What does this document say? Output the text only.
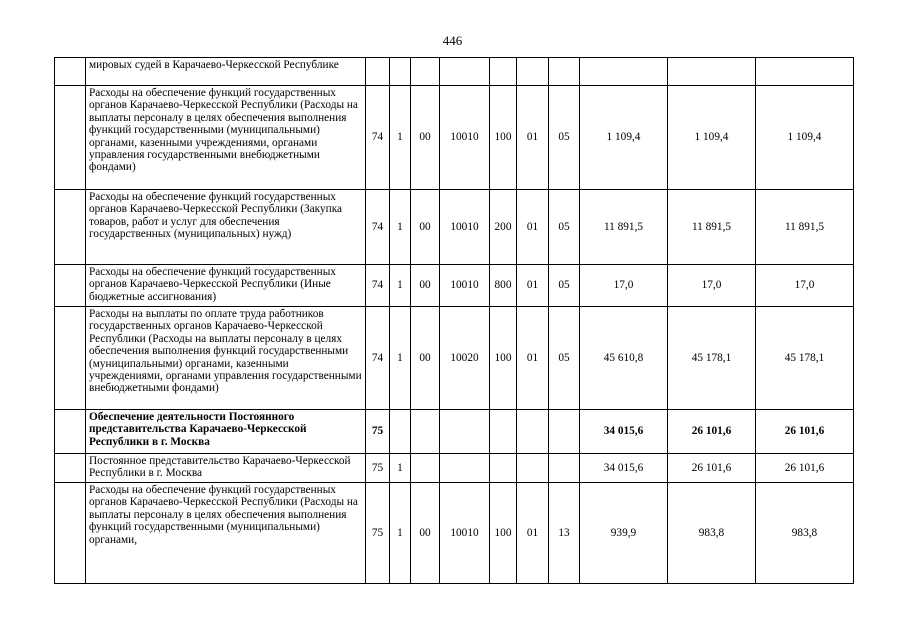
446
	мировых судей в Карачаево-Черкесской Республике										
	Расходы на обеспечение функций государственных органов Карачаево-Черкесской Республики (Расходы на выплаты персоналу в целях обеспечения выполнения функций государственными (муниципальными) органами, казенными учреждениями, органами управления государственными внебюджетными фондами)	74	1	00	10010	100	01	05	1 109,4	1 109,4	1 109,4
	Расходы на обеспечение функций государственных органов Карачаево-Черкесской Республики (Закупка товаров, работ и услуг для обеспечения государственных (муниципальных) нужд)	74	1	00	10010	200	01	05	11 891,5	11 891,5	11 891,5
	Расходы на обеспечение функций государственных органов Карачаево-Черкесской Республики (Иные бюджетные ассигнования)	74	1	00	10010	800	01	05	17,0	17,0	17,0
	Расходы на выплаты по оплате труда работников государственных органов Карачаево-Черкесской Республики (Расходы на выплаты персоналу в целях обеспечения выполнения функций государственными (муниципальными) органами, казенными учреждениями, органами управления государственными внебюджетными фондами)	74	1	00	10020	100	01	05	45 610,8	45 178,1	45 178,1
	Обеспечение деятельности Постоянного представительства Карачаево-Черкесской Республики в г. Москва	75							34 015,6	26 101,6	26 101,6
	Постоянное представительство Карачаево-Черкесской Республики в г. Москва	75	1						34 015,6	26 101,6	26 101,6
	Расходы на обеспечение функций государственных органов Карачаево-Черкесской Республики (Расходы на выплаты персоналу в целях обеспечения выполнения функций государственными (муниципальными) органами,	75	1	00	10010	100	01	13	939,9	983,8	983,8
